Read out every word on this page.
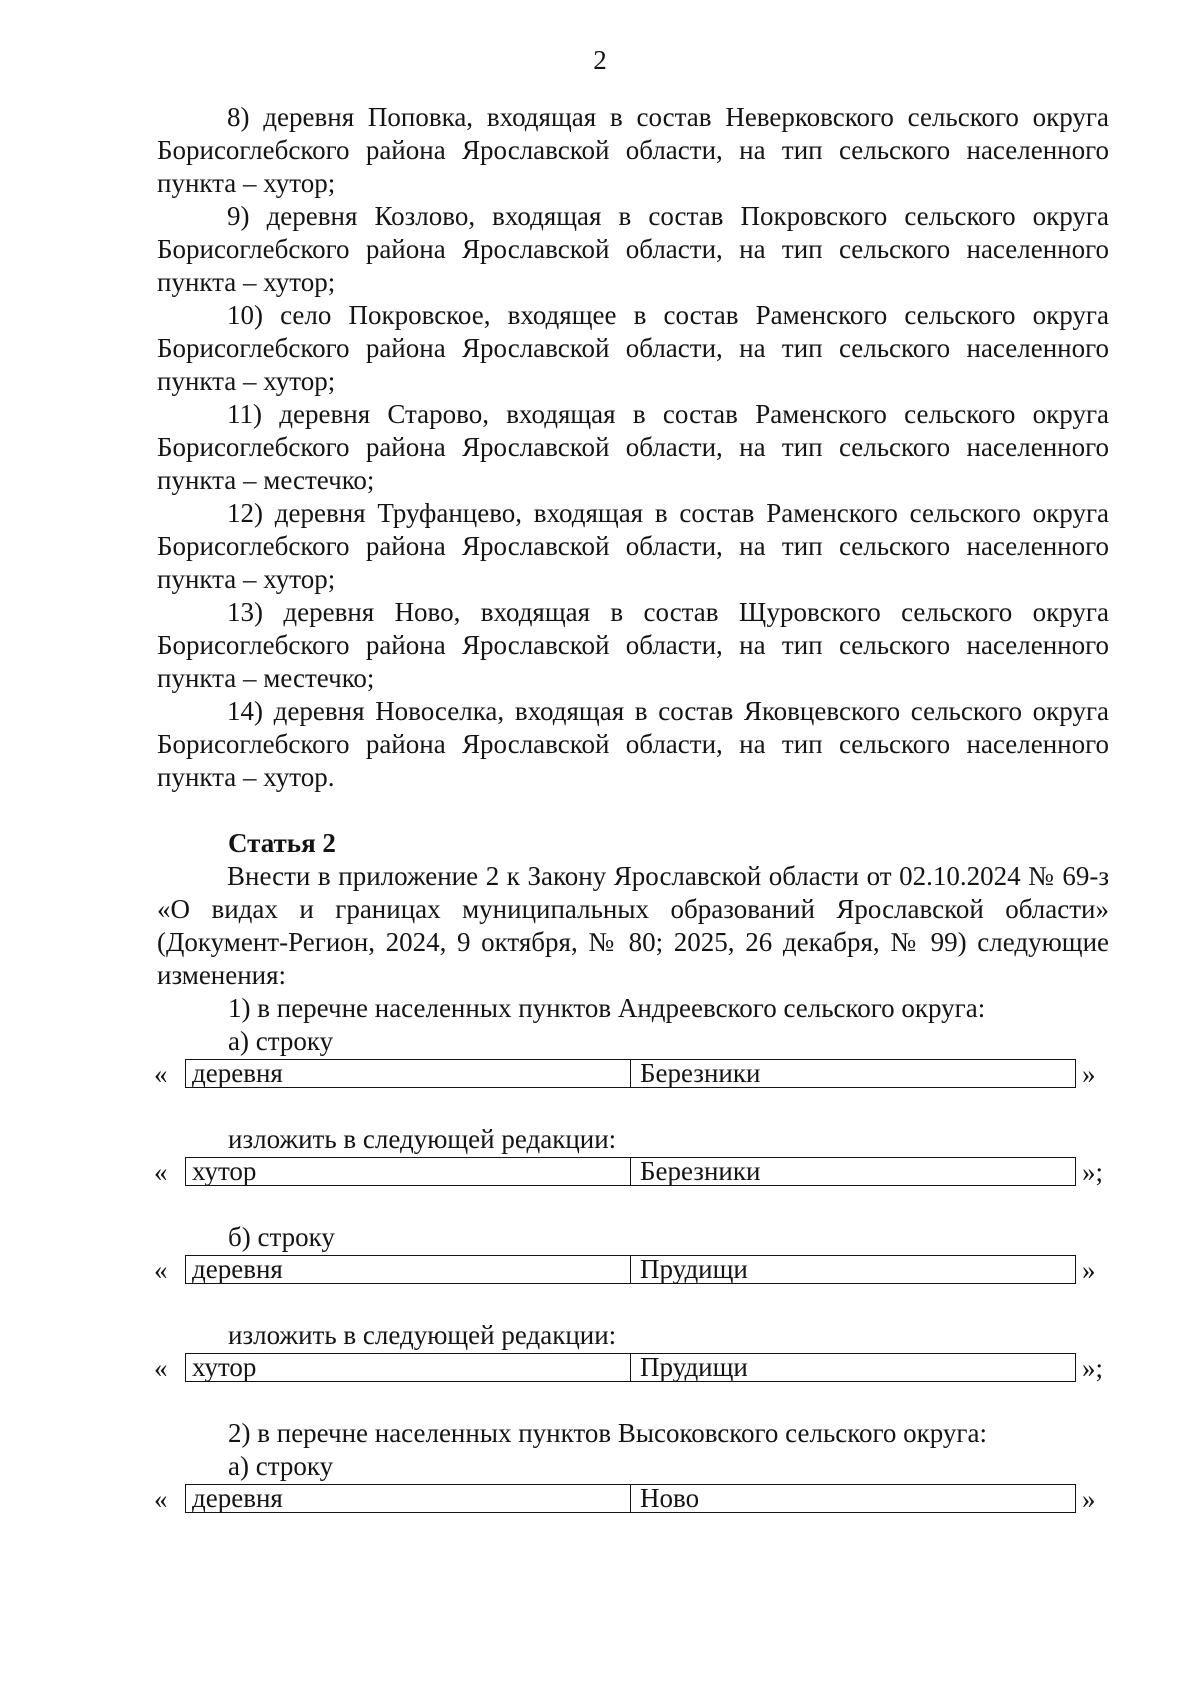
2

8) деревня Поповка, входящая в состав Неверковского сельского округа Борисоглебского района Ярославской области, на тип сельского населенного пункта – хутор;

9) деревня Козлово, входящая в состав Покровского сельского округа Борисоглебского района Ярославской области, на тип сельского населенного пункта – хутор;

10) село Покровское, входящее в состав Раменского сельского округа Борисоглебского района Ярославской области, на тип сельского населенного пункта – хутор;

11) деревня Старово, входящая в состав Раменского сельского округа Борисоглебского района Ярославской области, на тип сельского населенного пункта – местечко;

12) деревня Труфанцево, входящая в состав Раменского сельского округа Борисоглебского района Ярославской области, на тип сельского населенного пункта – хутор;

13) деревня Ново, входящая в состав Щуровского сельского округа Борисоглебского района Ярославской области, на тип сельского населенного пункта – местечко;

14) деревня Новоселка, входящая в состав Яковцевского сельского округа Борисоглебского района Ярославской области, на тип сельского населенного пункта – хутор.

Статья 2

Внести в приложение 2 к Закону Ярославской области от 02.10.2024 № 69-з «О видах и границах муниципальных образований Ярославской области» (Документ-Регион, 2024, 9 октября, № 80; 2025, 26 декабря, № 99) следующие изменения:

1) в перечне населенных пунктов Андреевского сельского округа:

а) строку

« деревня	Березники	»

изложить в следующей редакции:

« хутор	Березники	»;

б) строку

« деревня	Прудищи	»

изложить в следующей редакции:

« хутор	Прудищи	»;

2) в перечне населенных пунктов Высоковского сельского округа:

а) строку

« деревня	Ново	»
